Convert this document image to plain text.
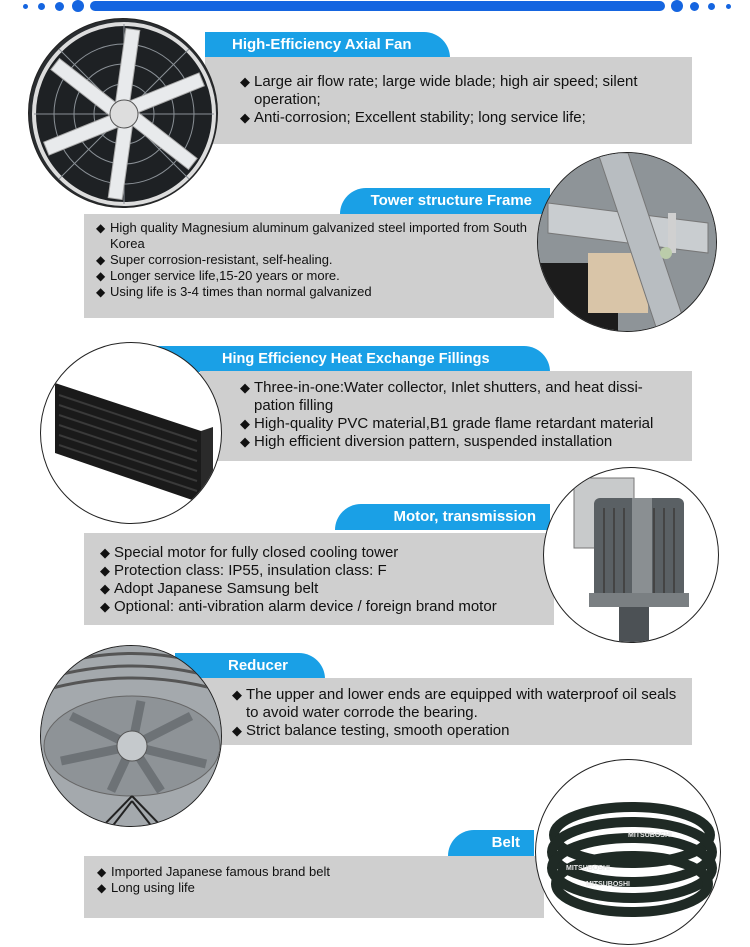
High-Efficiency Axial Fan
◆ Large air flow rate; large wide blade; high air speed; silent operation;
◆ Anti-corrosion; Excellent stability; long service life;
Tower structure Frame
◆ High quality Magnesium aluminum galvanized steel imported from South Korea
◆ Super corrosion-resistant, self-healing.
◆ Longer service life,15-20 years or more.
◆ Using life is 3-4 times than normal galvanized
Hing Efficiency Heat Exchange Fillings
◆ Three-in-one:Water collector, Inlet shutters, and heat dissi-pation filling
◆ High-quality PVC material,B1 grade flame retardant material
◆ High efficient diversion pattern, suspended installation
Motor, transmission
◆ Special motor for fully closed cooling tower
◆ Protection class: IP55, insulation class: F
◆ Adopt Japanese Samsung belt
◆ Optional: anti-vibration alarm device / foreign brand motor
Reducer
◆ The upper and lower ends are equipped with waterproof oil seals to avoid water corrode the bearing.
◆ Strict balance testing, smooth operation
Belt
◆ Imported Japanese famous brand belt
◆ Long using life
MITSUBOSHI
MITSUBOSHI
MITSUBOSHI
